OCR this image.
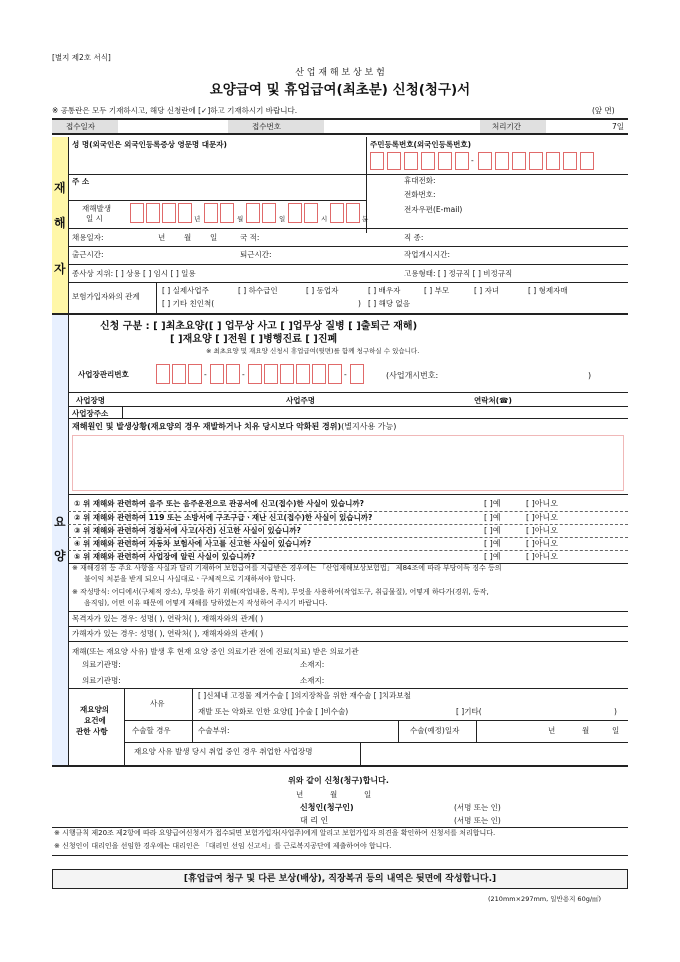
[별지 제2호 서식]
산 업 재 해 보 상 보 험
요양급여 및 휴업급여(최초분) 신청(청구)서
※ 공통란은 모두 기재하시고, 해당 신청란에 [✓]하고 기재하시기 바랍니다.	(앞 면)
접수일자	접수번호	처리기간	7일
재
해
자
성 명(외국인은 외국인등록증상 영문명 대문자)	주민등록번호(외국인등록번호)
-
주 소	휴대전화:
전화번호:
재해발생
일 시	년	월	일	시	분
전자우편(E-mail)
채용일자:	년	월	일	국 적:	직 종:
출근시간:	퇴근시간:	작업개시시간:
종사상 지위: [ ] 상용 [ ] 임시 [ ] 일용	고용형태: [ ] 정규직 [ ] 비정규직
보험가입자와의 관계
[ ] 실제사업주	[ ] 하수급인	[ ] 동업자	[ ] 배우자	[ ] 부모	[ ] 자녀	[ ] 형제자매
[ ] 기타 친인척(	) [ ] 해당 없음
요
양
신청 구분 : [ ]최초요양([ ] 업무상 사고 [ ]업무상 질병 [ ]출퇴근 재해)
[ ]재요양 [ ]전원 [ ]병행진료 [ ]진폐
※ 최초요양 및 재요양 신청시 휴업급여(뒷면)를 함께 청구하실 수 있습니다.
사업장관리번호	-	-	-	(사업개시번호:	)
사업장명	사업주명	연락처(☎)
사업장주소
재해원인 및 발생상황(재요양의 경우 재발하거나 치유 당시보다 악화된 경위)(별지사용 가능)
① 위 재해와 관련하여 음주 또는 음주운전으로 관공서에 신고(접수)한 사실이 있습니까?	[ ]예	[ ]아니오
② 위 재해와 관련하여 119 또는 소방서에 구조구급ㆍ재난 신고(접수)한 사실이 있습니까?	[ ]예	[ ]아니오
③ 위 재해와 관련하여 경찰서에 사고(사건) 신고한 사실이 있습니까?	[ ]예	[ ]아니오
④ 위 재해와 관련하여 자동차 보험사에 사고를 신고한 사실이 있습니까?	[ ]예	[ ]아니오
⑤ 위 재해와 관련하여 사업장에 알린 사실이 있습니까?	[ ]예	[ ]아니오
※ 재해경위 등 주요 사항을 사실과 달리 기재하여 보험급여를 지급받은 경우에는 「산업재해보상보험법」 제84조에 따라 부당이득 징수 등의
불이익 처분을 받게 되오니 사실대로ㆍ구체적으로 기재하셔야 합니다.
※ 작성방식: 어디에서(구체적 장소), 무엇을 하기 위해(작업내용, 목적), 무엇을 사용하여(작업도구, 취급물질), 어떻게 하다가(경위, 동작,
음직임), 어떤 이유 때문에 어떻게 재해를 당하였는지 작성하여 주시기 바랍니다.
목격자가 있는 경우: 성명( ), 연락처( ), 재해자와의 관계( )
가해자가 있는 경우: 성명( ), 연락처( ), 재해자와의 관계( )
재해(또는 재요양 사유) 발생 후 현재 요양 중인 의료기관 전에 진료(치료) 받은 의료기관
의료기관명:	소재지:
의료기관명:	소재지:
재요양의
요건에
관한 사항
사유
[ ]신체내 고정물 제거수술 [ ]의지장착을 위한 재수술 [ ]치과보철
재발 또는 악화로 인한 요양([ ]수술 [ ]비수술)	[ ]기타(	)
수술할 경우	수술부위:	수술(예정)일자	년	월	일
재요양 사유 발생 당시 취업 중인 경우 취업한 사업장명
위와 같이 신청(청구)합니다.
년	월	일
신청인(청구인)	(서명 또는 인)
대 리 인	(서명 또는 인)
※ 시행규칙 제20조 제2항에 따라 요양급여신청서가 접수되면 보험가입자(사업주)에게 알리고 보험가입자 의견을 확인하여 신청서를 처리합니다.
※ 신청인이 대리인을 선임한 경우에는 대리인은 「대리인 선임 신고서」를 근로복지공단에 제출하여야 합니다.
[휴업급여 청구 및 다른 보상(배상), 직장복귀 등의 내역은 뒷면에 작성합니다.]
(210mm×297mm, 일반용지 60g/㎡)
